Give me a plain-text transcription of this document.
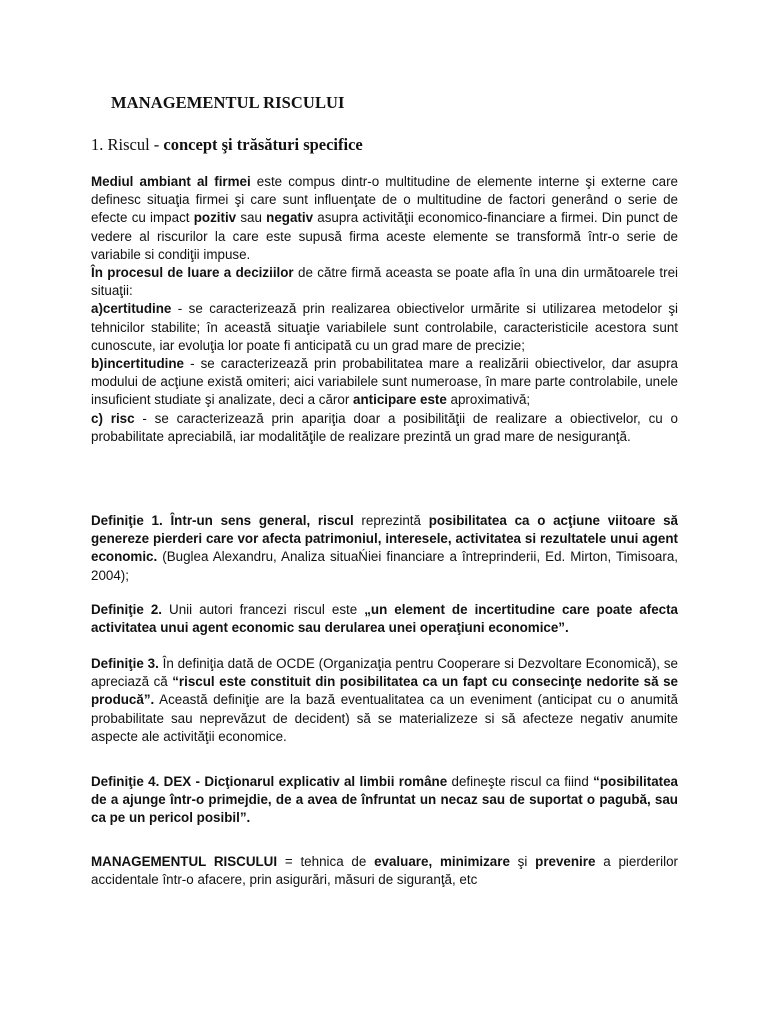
MANAGEMENTUL RISCULUI
1. Riscul - concept şi trăsături specifice

Mediul ambiant al firmei este compus dintr-o multitudine de elemente interne şi externe care definesc situaţia firmei şi care sunt influenţate de o multitudine de factori generând o serie de efecte cu impact pozitiv sau negativ asupra activităţii economico-financiare a firmei. Din punct de vedere al riscurilor la care este supusă firma aceste elemente se transformă într-o serie de variabile si condiţii impuse.

În procesul de luare a deciziilor de către firmă aceasta se poate afla în una din următoarele trei situaţii:

a)certitudine - se caracterizează prin realizarea obiectivelor urmărite si utilizarea metodelor şi tehnicilor stabilite; în această situaţie variabilele sunt controlabile, caracteristicile acestora sunt cunoscute, iar evoluţia lor poate fi anticipată cu un grad mare de precizie;

b)incertitudine - se caracterizează prin probabilitatea mare a realizării obiectivelor, dar asupra modului de acţiune există omiteri; aici variabilele sunt numeroase, în mare parte controlabile, unele insuficient studiate şi analizate, deci a căror anticipare este aproximativă;

c) risc - se caracterizează prin apariţia doar a posibilităţii de realizare a obiectivelor, cu o probabilitate apreciabilă, iar modalităţile de realizare prezintă un grad mare de nesiguranţă.

Definiţie 1. Într-un sens general, riscul reprezintă posibilitatea ca o acţiune viitoare să genereze pierderi care vor afecta patrimoniul, interesele, activitatea si rezultatele unui agent economic. (Buglea Alexandru, Analiza situaŃiei financiare a întreprinderii, Ed. Mirton, Timisoara, 2004);

Definiţie 2. Unii autori francezi riscul este „un element de incertitudine care poate afecta activitatea unui agent economic sau derularea unei operaţiuni economice”.

Definiţie 3. În definiţia dată de OCDE (Organizaţia pentru Cooperare si Dezvoltare Economică), se apreciază că “riscul este constituit din posibilitatea ca un fapt cu consecinţe nedorite să se producă”. Această definiţie are la bază eventualitatea ca un eveniment (anticipat cu o anumită probabilitate sau neprevăzut de decident) să se materializeze si să afecteze negativ anumite aspecte ale activităţii economice.

Definiţie 4. DEX - Dicţionarul explicativ al limbii române defineşte riscul ca fiind “posibilitatea de a ajunge într-o primejdie, de a avea de înfruntat un necaz sau de suportat o pagubă, sau ca pe un pericol posibil”.

MANAGEMENTUL RISCULUI = tehnica de evaluare, minimizare şi prevenire a pierderilor accidentale într-o afacere, prin asigurări, măsuri de siguranţă, etc
